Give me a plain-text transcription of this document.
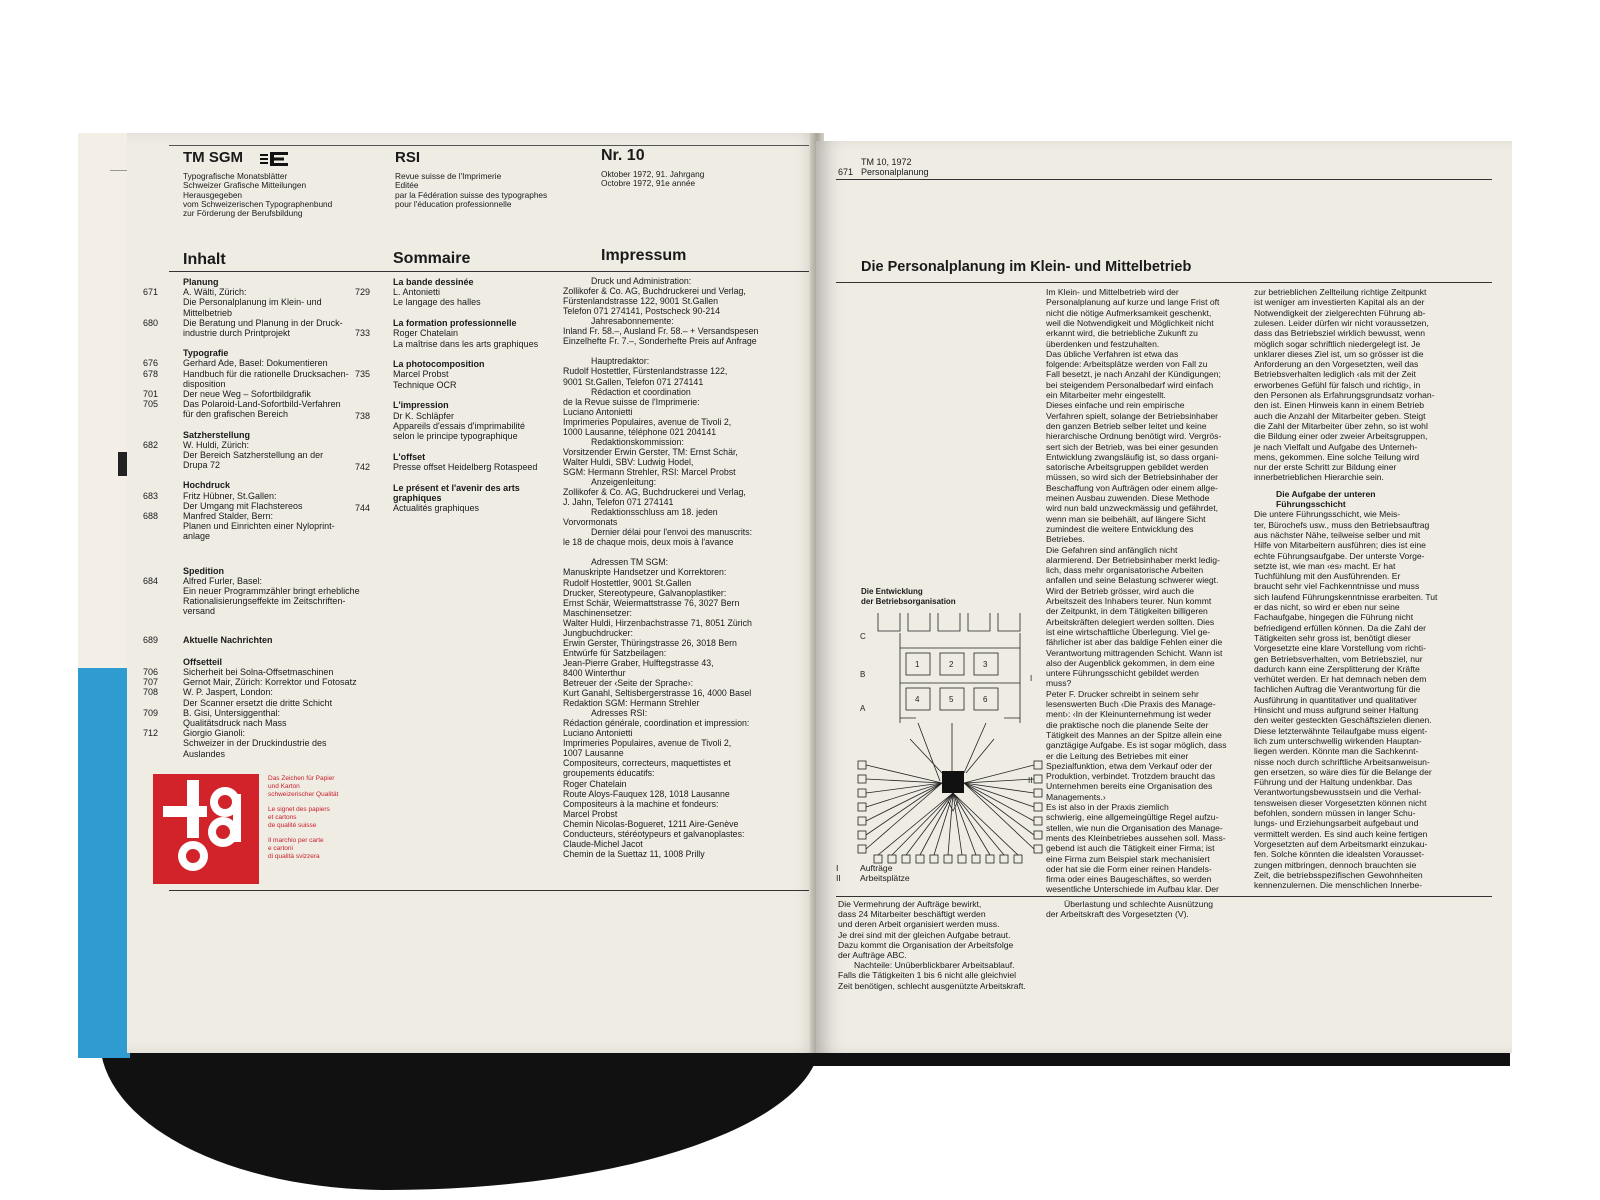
TM SGM
Typografische Monatsblätter
Schweizer Grafische Mitteilungen
Herausgegeben
vom Schweizerischen Typographenbund
zur Förderung der Berufsbildung
RSI
Revue suisse de l'Imprimerie
Editée
par la Fédération suisse des typographes
pour l'éducation professionnelle
Nr. 10
Oktober 1972, 91. Jahrgang
Octobre 1972, 91e année
Inhalt	Sommaire	Impressum
Planung
671	A. Wälti, Zürich:
Die Personalplanung im Klein- und
Mittelbetrieb
680	Die Beratung und Planung in der Druck-
industrie durch Printprojekt
Typografie
676	Gerhard Ade, Basel: Dokumentieren
678	Handbuch für die rationelle Drucksachen-
disposition
701	Der neue Weg – Sofortbildgrafik
705	Das Polaroid-Land-Sofortbild-Verfahren
für den grafischen Bereich
Satzherstellung
682	W. Huldi, Zürich:
Der Bereich Satzherstellung an der
Drupa 72
Hochdruck
683	Fritz Hübner, St.Gallen:
Der Umgang mit Flachstereos
688	Manfred Stalder, Bern:
Planen und Einrichten einer Nyloprint-
anlage
Spedition
684	Alfred Furler, Basel:
Ein neuer Programmzähler bringt erhebliche
Rationalisierungseffekte im Zeitschriften-
versand
689	Aktuelle Nachrichten
Offsetteil
706	Sicherheit bei Solna-Offsetmaschinen
707	Gernot Mair, Zürich: Korrektor und Fotosatz
708	W. P. Jaspert, London:
Der Scanner ersetzt die dritte Schicht
709	B. Gisi, Untersiggenthal:
Qualitätsdruck nach Mass
712	Giorgio Gianoli:
Schweizer in der Druckindustrie des
Auslandes
La bande dessinée
729	L. Antonietti
Le langage des halles
La formation professionnelle
733	Roger Chatelain
La maîtrise dans les arts graphiques
La photocomposition
735	Marcel Probst
Technique OCR
L'impression
738	Dr K. Schläpfer
Appareils d'essais d'imprimabilité
selon le principe typographique
L'offset
742	Presse offset Heidelberg Rotaspeed
Le présent et l'avenir des arts
graphiques
744	Actualités graphiques
Druck und Administration:
Zollikofer & Co. AG, Buchdruckerei und Verlag,
Fürstenlandstrasse 122, 9001 St.Gallen
Telefon 071 274141, Postscheck 90-214
Jahresabonnemente:
Inland Fr. 58.–, Ausland Fr. 58.– + Versandspesen
Einzelhefte Fr. 7.–, Sonderhefte Preis auf Anfrage
Hauptredaktor:
Rudolf Hostettler, Fürstenlandstrasse 122,
9001 St.Gallen, Telefon 071 274141
Rédaction et coordination
de la Revue suisse de l'Imprimerie:
Luciano Antonietti
Imprimeries Populaires, avenue de Tivoli 2,
1000 Lausanne, téléphone 021 204141
Redaktionskommission:
Vorsitzender Erwin Gerster, TM: Ernst Schär,
Walter Huldi, SBV: Ludwig Hodel,
SGM: Hermann Strehler, RSI: Marcel Probst
Anzeigenleitung:
Zollikofer & Co. AG, Buchdruckerei und Verlag,
J. Jahn, Telefon 071 274141
Redaktionsschluss am 18. jeden
Vorvormonats
Dernier délai pour l'envoi des manuscrits:
le 18 de chaque mois, deux mois à l'avance
Adressen TM SGM:
Manuskripte Handsetzer und Korrektoren:
Rudolf Hostettler, 9001 St.Gallen
Drucker, Stereotypeure, Galvanoplastiker:
Ernst Schär, Weiermattstrasse 76, 3027 Bern
Maschinensetzer:
Walter Huldi, Hirzenbachstrasse 71, 8051 Zürich
Jungbuchdrucker:
Erwin Gerster, Thüringstrasse 26, 3018 Bern
Entwürfe für Satzbeilagen:
Jean-Pierre Graber, Hulftegstrasse 43,
8400 Winterthur
Betreuer der ‹Seite der Sprache›:
Kurt Ganahl, Seltisbergerstrasse 16, 4000 Basel
Redaktion SGM: Hermann Strehler
Adresses RSI:
Rédaction générale, coordination et impression:
Luciano Antonietti
Imprimeries Populaires, avenue de Tivoli 2,
1007 Lausanne
Compositeurs, correcteurs, maquettistes et
groupements éducatifs:
Roger Chatelain
Route Aloys-Fauquex 128, 1018 Lausanne
Compositeurs à la machine et fondeurs:
Marcel Probst
Chemin Nicolas-Bogueret, 1211 Aire-Genève
Conducteurs, stéréotypeurs et galvanoplastes:
Claude-Michel Jacot
Chemin de la Suettaz 11, 1008 Prilly
Das Zeichen für Papier
und Karton
schweizerischer Qualität
Le signet des papiers
et cartons
de qualité suisse
Il marchio per carte
e cartoni
di qualità svizzera
TM 10, 1972
671 Personalplanung
Die Personalplanung im Klein- und Mittelbetrieb
Die Entwicklung
der Betriebsorganisation
1	2	3
4	5	6
C
B
A
I
II
I	Aufträge
II Arbeitsplätze
Die Vermehrung der Aufträge bewirkt,
dass 24 Mitarbeiter beschäftigt werden
und deren Arbeit organisiert werden muss.
Je drei sind mit der gleichen Aufgabe betraut.
Dazu kommt die Organisation der Arbeitsfolge
der Aufträge ABC.
Nachteile: Unüberblickbarer Arbeitsablauf.
Falls die Tätigkeiten 1 bis 6 nicht alle gleichviel
Zeit benötigen, schlecht ausgenützte Arbeitskraft.
Überlastung und schlechte Ausnützung
der Arbeitskraft des Vorgesetzten (V).
Im Klein- und Mittelbetrieb wird der
Personalplanung auf kurze und lange Frist oft
nicht die nötige Aufmerksamkeit geschenkt,
weil die Notwendigkeit und Möglichkeit nicht
erkannt wird, die betriebliche Zukunft zu
überdenken und festzuhalten.
Das übliche Verfahren ist etwa das
folgende: Arbeitsplätze werden von Fall zu
Fall besetzt, je nach Anzahl der Kündigungen;
bei steigendem Personalbedarf wird einfach
ein Mitarbeiter mehr eingestellt.
Dieses einfache und rein empirische
Verfahren spielt, solange der Betriebsinhaber
den ganzen Betrieb selber leitet und keine
hierarchische Ordnung benötigt wird. Vergrös-
sert sich der Betrieb, was bei einer gesunden
Entwicklung zwangsläufig ist, so dass organi-
satorische Arbeitsgruppen gebildet werden
müssen, so wird sich der Betriebsinhaber der
Beschaffung von Aufträgen oder einem allge-
meinen Ausbau zuwenden. Diese Methode
wird nun bald unzweckmässig und gefährdet,
wenn man sie beibehält, auf längere Sicht
zumindest die weitere Entwicklung des
Betriebes.
Die Gefahren sind anfänglich nicht
alarmierend. Der Betriebsinhaber merkt ledig-
lich, dass mehr organisatorische Arbeiten
anfallen und seine Belastung schwerer wiegt.
Wird der Betrieb grösser, wird auch die
Arbeitszeit des Inhabers teurer. Nun kommt
der Zeitpunkt, in dem Tätigkeiten billigeren
Arbeitskräften delegiert werden sollten. Dies
ist eine wirtschaftliche Überlegung. Viel ge-
fährlicher ist aber das baldige Fehlen einer die
Verantwortung mittragenden Schicht. Wann ist
also der Augenblick gekommen, in dem eine
untere Führungsschicht gebildet werden
muss?
Peter F. Drucker schreibt in seinem sehr
lesenswerten Buch ‹Die Praxis des Manage-
ment›: ‹In der Kleinunternehmung ist weder
die praktische noch die planende Seite der
Tätigkeit des Mannes an der Spitze allein eine
ganztägige Aufgabe. Es ist sogar möglich, dass
er die Leitung des Betriebes mit einer
Spezialfunktion, etwa dem Verkauf oder der
Produktion, verbindet. Trotzdem braucht das
Unternehmen bereits eine Organisation des
Managements.›
Es ist also in der Praxis ziemlich
schwierig, eine allgemeingültige Regel aufzu-
stellen, wie nun die Organisation des Manage-
ments des Kleinbetriebes aussehen soll. Mass-
gebend ist auch die Tätigkeit einer Firma; ist
eine Firma zum Beispiel stark mechanisiert
oder hat sie die Form einer reinen Handels-
firma oder eines Baugeschäftes, so werden
wesentliche Unterschiede im Aufbau klar. Der
zur betrieblichen Zellteilung richtige Zeitpunkt
ist weniger am investierten Kapital als an der
Notwendigkeit der zielgerechten Führung ab-
zulesen. Leider dürfen wir nicht voraussetzen,
dass das Betriebsziel wirklich bewusst, wenn
möglich sogar schriftlich niedergelegt ist. Je
unklarer dieses Ziel ist, um so grösser ist die
Anforderung an den Vorgesetzten, weil das
Betriebsverhalten lediglich ‹als mit der Zeit
erworbenes Gefühl für falsch und richtig›, in
den Personen als Erfahrungsgrundsatz vorhan-
den ist. Einen Hinweis kann in einem Betrieb
auch die Anzahl der Mitarbeiter geben. Steigt
die Zahl der Mitarbeiter über zehn, so ist wohl
die Bildung einer oder zweier Arbeitsgruppen,
je nach Vielfalt und Aufgabe des Unterneh-
mens, gekommen. Eine solche Teilung wird
nur der erste Schritt zur Bildung einer
innerbetrieblichen Hierarchie sein.
Die Aufgabe der unteren
Führungsschicht
Die untere Führungsschicht, wie Meis-
ter, Bürochefs usw., muss den Betriebsauftrag
aus nächster Nähe, teilweise selber und mit
Hilfe von Mitarbeitern ausführen; dies ist eine
echte Führungsaufgabe. Der unterste Vorge-
setzte ist, wie man ‹es› macht. Er hat
Tuchfühlung mit den Ausführenden. Er
braucht sehr viel Fachkenntnisse und muss
sich laufend Führungskenntnisse erarbeiten. Tut
er das nicht, so wird er eben nur seine
Fachaufgabe, hingegen die Führung nicht
befriedigend erfüllen können. Da die Zahl der
Tätigkeiten sehr gross ist, benötigt dieser
Vorgesetzte eine klare Vorstellung vom richti-
gen Betriebsverhalten, vom Betriebsziel, nur
dadurch kann eine Zersplitterung der Kräfte
verhütet werden. Er hat demnach neben dem
fachlichen Auftrag die Verantwortung für die
Ausführung in quantitativer und qualitativer
Hinsicht und muss aufgrund seiner Haltung
den weiter gesteckten Geschäftszielen dienen.
Diese letzterwähnte Teilaufgabe muss eigent-
lich zum unterschwellig wirkenden Hauptan-
liegen werden. Könnte man die Sachkennt-
nisse noch durch schriftliche Arbeitsanweisun-
gen ersetzen, so wäre dies für die Belange der
Führung und der Haltung undenkbar. Das
Verantwortungsbewusstsein und die Verhal-
tensweisen dieser Vorgesetzten können nicht
befohlen, sondern müssen in langer Schu-
lungs- und Erziehungsarbeit aufgebaut und
vermittelt werden. Es sind auch keine fertigen
Vorgesetzten auf dem Arbeitsmarkt einzukau-
fen. Solche könnten die idealsten Vorausset-
zungen mitbringen, dennoch brauchten sie
Zeit, die betriebsspezifischen Gewohnheiten
kennenzulernen. Die menschlichen Innerbe-
